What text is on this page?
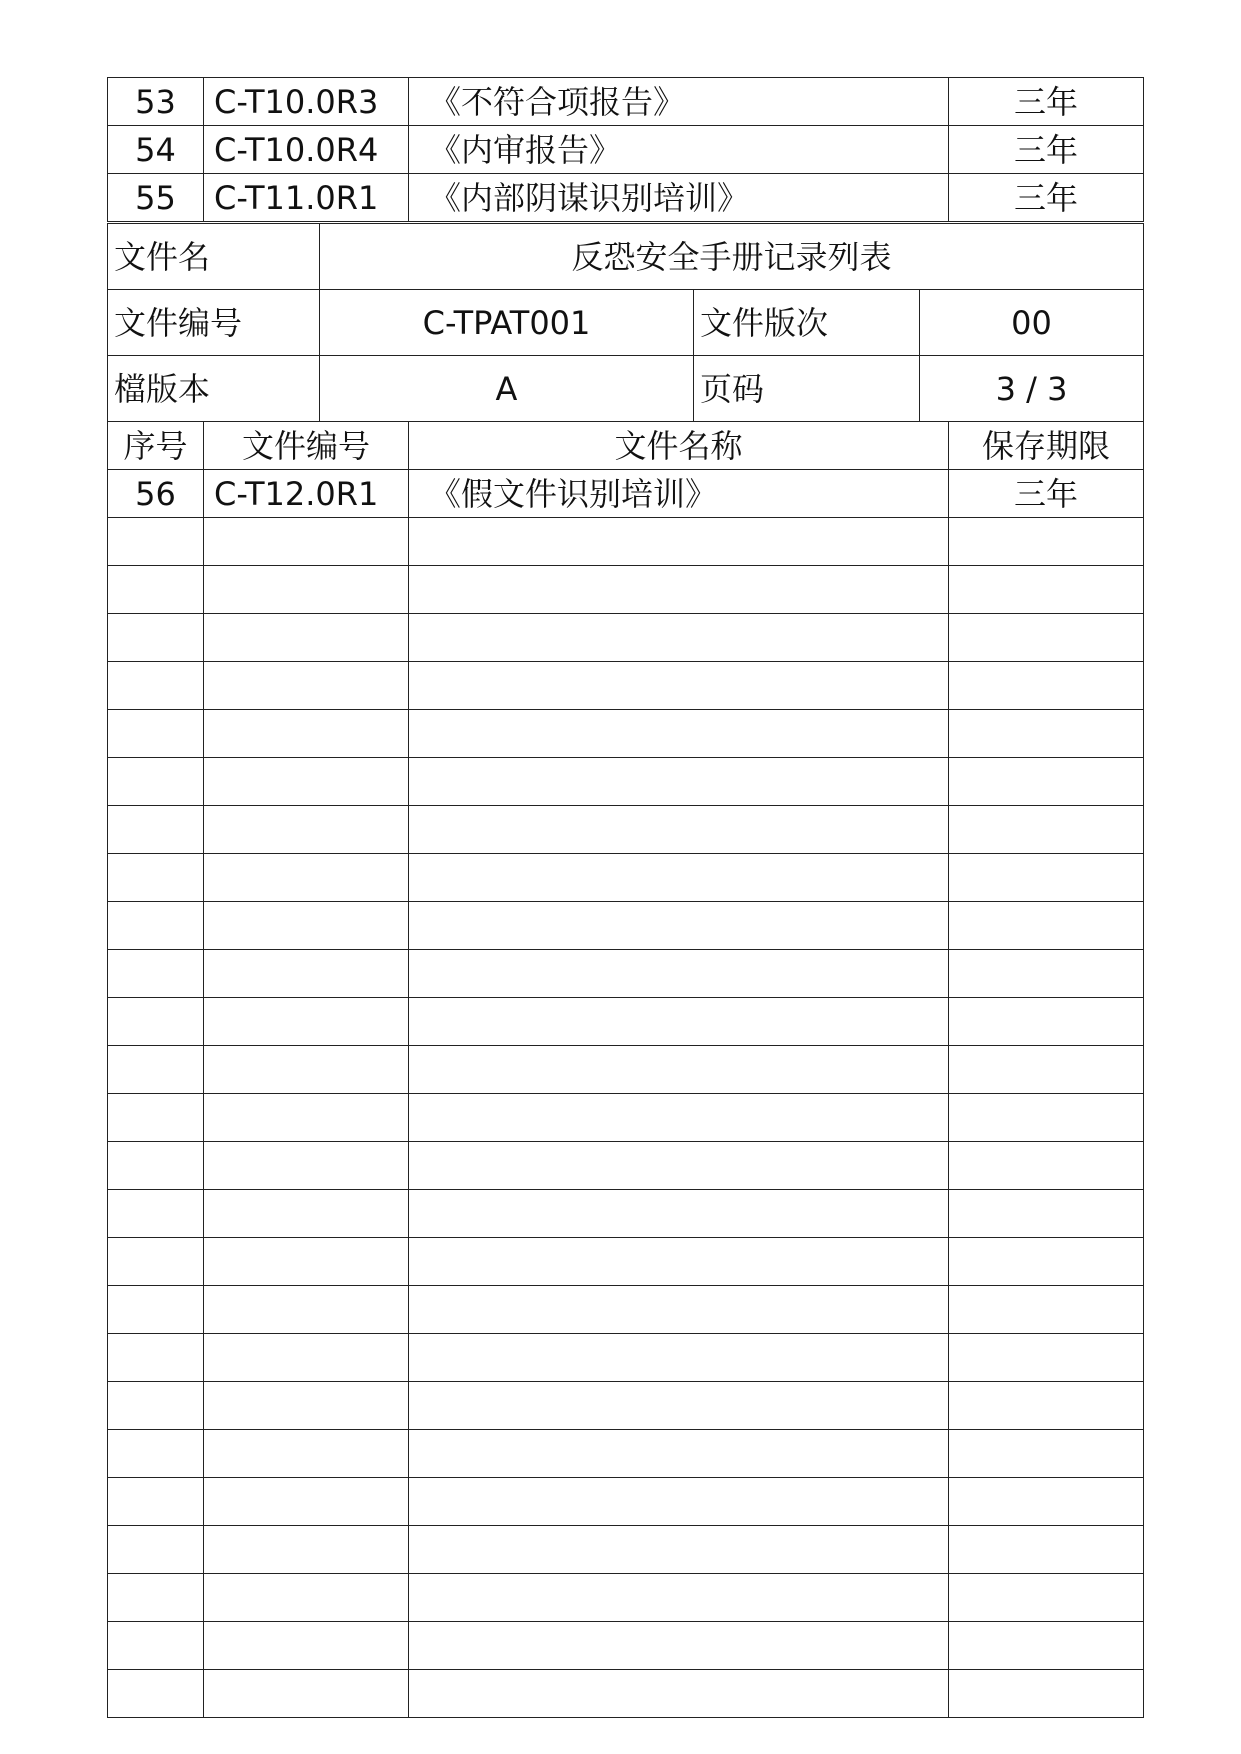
53	C-T10.0R3	《不符合项报告》	三年
54	C-T10.0R4	《内审报告》	三年
55	C-T11.0R1	《内部阴谋识别培训》	三年
文件名	反恐安全手册记录列表		
文件编号	C-TPAT001	文件版次	00
檔版本	A	页码	3 / 3
序号	文件编号	文件名称	保存期限
56	C-T12.0R1	《假文件识别培训》	三年
